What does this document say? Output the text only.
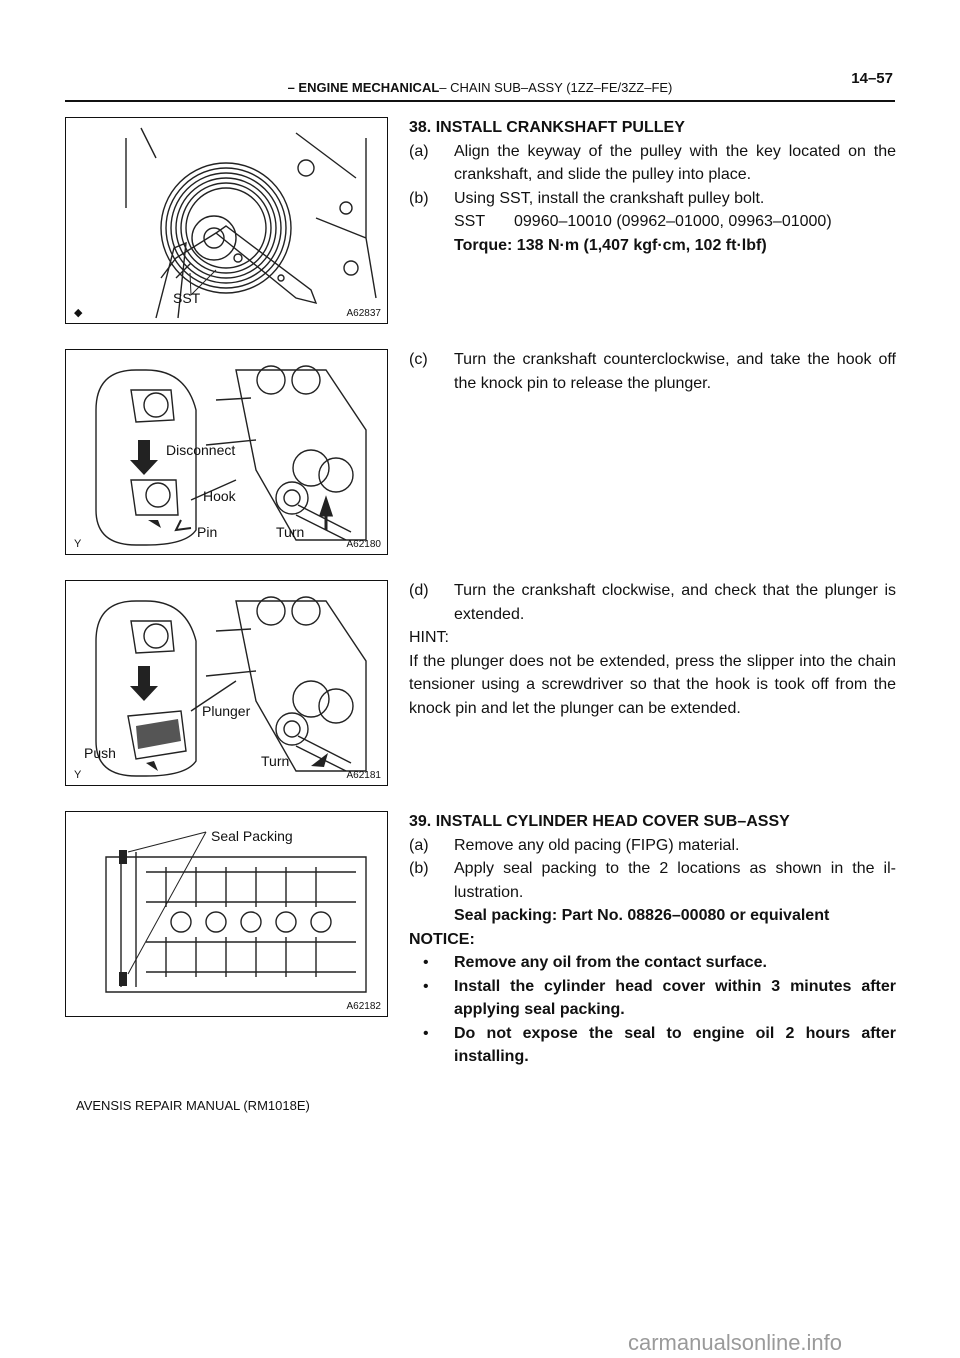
– ENGINE MECHANICAL– CHAIN SUB–ASSY (1ZZ–FE/3ZZ–FE)
14–57
SST
◆	A62837
Disconnect
Hook
Pin	Turn
Y	A62180
Plunger
Push	Turn
Y	A62181
Seal Packing
A62182
38. INSTALL CRANKSHAFT PULLEY
(a)	Align the keyway of the pulley with the key located on the crankshaft, and slide the pulley into place.
(b)	Using SST, install the crankshaft pulley bolt.
SST 09960–10010 (09962–01000, 09963–01000)
Torque: 138 N·m (1,407 kgf·cm, 102 ft·lbf)
(c)	Turn the crankshaft counterclockwise, and take the hook off the knock pin to release the plunger.
(d)	Turn the crankshaft clockwise, and check that the plunger is extended.
HINT:
If the plunger does not be extended, press the slipper into the chain tensioner using a screwdriver so that the hook is took off from the knock pin and let the plunger can be extended.
39. INSTALL CYLINDER HEAD COVER SUB–ASSY
(a)	Remove any old pacing (FIPG) material.
(b)	Apply seal packing to the 2 locations as shown in the il-lustration.
Seal packing: Part No. 08826–00080 or equivalent
NOTICE:
•	Remove any oil from the contact surface.
•	Install the cylinder head cover within 3 minutes after applying seal packing.
•	Do not expose the seal to engine oil 2 hours after installing.
AVENSIS REPAIR MANUAL (RM1018E)
carmanualsonline.info
